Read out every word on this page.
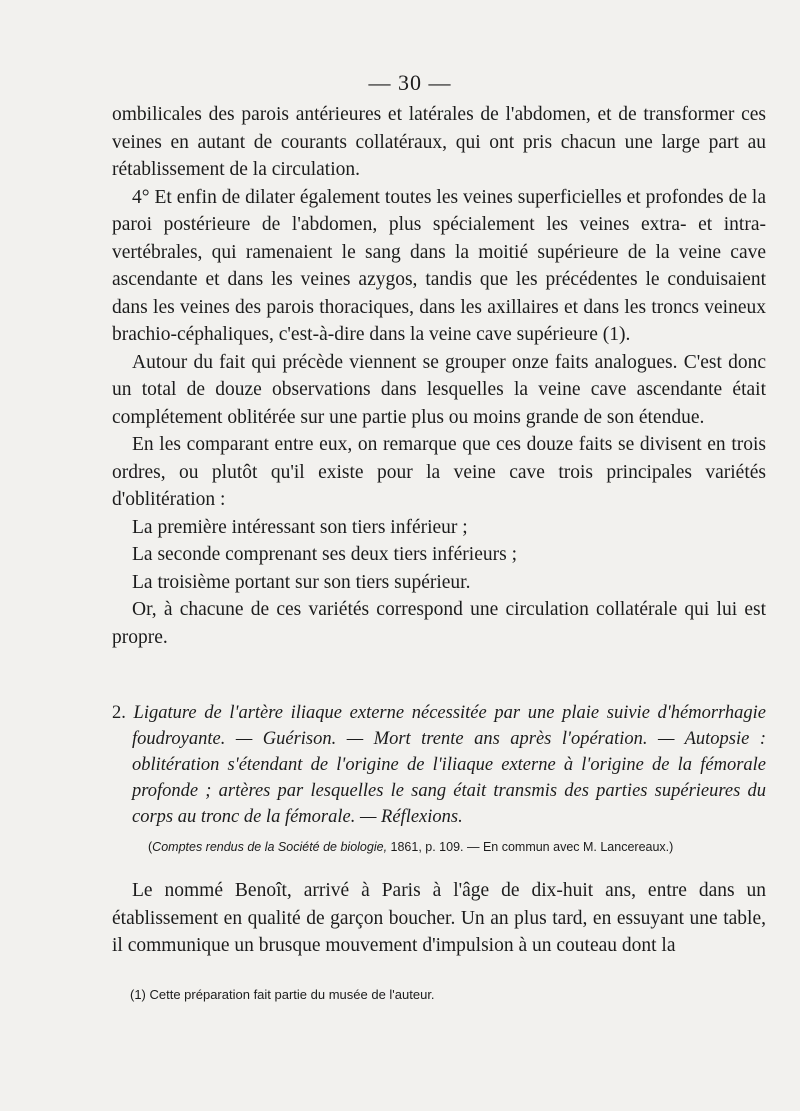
— 30 —

ombilicales des parois antérieures et latérales de l'abdomen, et de transformer ces veines en autant de courants collatéraux, qui ont pris chacun une large part au rétablissement de la circulation.

4° Et enfin de dilater également toutes les veines superficielles et profondes de la paroi postérieure de l'abdomen, plus spécialement les veines extra- et intra-vertébrales, qui ramenaient le sang dans la moitié supérieure de la veine cave ascendante et dans les veines azygos, tandis que les précédentes le conduisaient dans les veines des parois thoraciques, dans les axillaires et dans les troncs veineux brachio-céphaliques, c'est-à-dire dans la veine cave supérieure (1).

Autour du fait qui précède viennent se grouper onze faits analogues. C'est donc un total de douze observations dans lesquelles la veine cave ascendante était complétement oblitérée sur une partie plus ou moins grande de son étendue.

En les comparant entre eux, on remarque que ces douze faits se divisent en trois ordres, ou plutôt qu'il existe pour la veine cave trois principales variétés d'oblitération :

La première intéressant son tiers inférieur ;

La seconde comprenant ses deux tiers inférieurs ;

La troisième portant sur son tiers supérieur.

Or, à chacune de ces variétés correspond une circulation collatérale qui lui est propre.

2. Ligature de l'artère iliaque externe nécessitée par une plaie suivie d'hémorrhagie foudroyante. — Guérison. — Mort trente ans après l'opération. — Autopsie : oblitération s'étendant de l'origine de l'iliaque externe à l'origine de la fémorale profonde ; artères par lesquelles le sang était transmis des parties supérieures du corps au tronc de la fémorale. — Réflexions.

(Comptes rendus de la Société de biologie, 1861, p. 109. — En commun avec M. Lancereaux.)

Le nommé Benoît, arrivé à Paris à l'âge de dix-huit ans, entre dans un établissement en qualité de garçon boucher. Un an plus tard, en essuyant une table, il communique un brusque mouvement d'impulsion à un couteau dont la

(1) Cette préparation fait partie du musée de l'auteur.
